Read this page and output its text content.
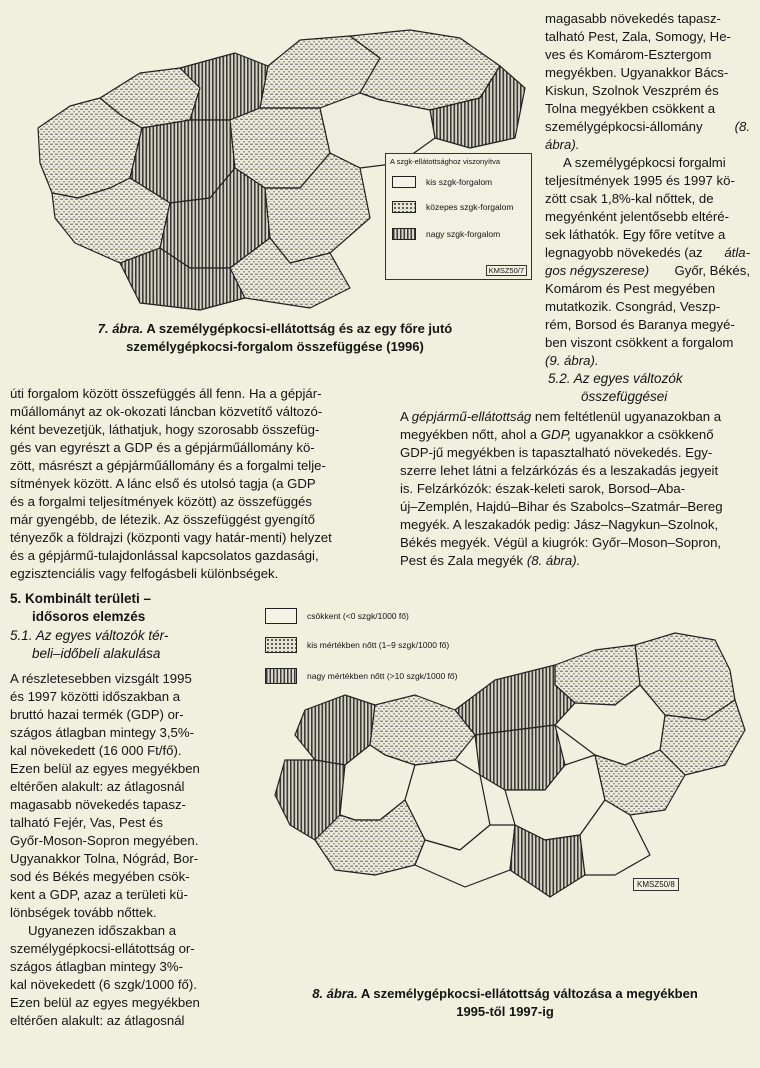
A szgk-ellátottsághoz viszonyítva
kis szgk-forgalom
közepes szgk-forgalom
nagy szgk-forgalom
KMSZ50/7
7. ábra. A személygépkocsi-ellátottság és az egy főre jutó
személygépkocsi-forgalom összefüggése (1996)

magasabb növekedés tapasz-

talható Pest, Zala, Somogy, He-

ves és Komárom-Esztergom

megyékben. Ugyanakkor Bács-

Kiskun, Szolnok Veszprém és

Tolna megyékben csökkent a

személygépkocsi-állomány (8.

ábra).

A személygépkocsi forgalmi

teljesítmények 1995 és 1997 kö-

zött csak 1,8%-kal nőttek, de

megyénként jelentősebb eltéré-

sek láthatók. Egy főre vetítve a

legnagyobb növekedés (az átla-

gos négyszerese) Győr, Békés,

Komárom és Pest megyében

mutatkozik. Csongrád, Veszp-

rém, Borsod és Baranya megyé-

ben viszont csökkent a forgalom

(9. ábra).

5.2. Az egyes változók
összefüggései

úti forgalom között összefüggés áll fenn. Ha a gépjár-

műállományt az ok-okozati láncban közvetítő változó-

ként bevezetjük, láthatjuk, hogy szorosabb összefüg-

gés van egyrészt a GDP és a gépjárműállomány kö-

zött, másrészt a gépjárműállomány és a forgalmi telje-

sítmények között. A lánc első és utolsó tagja (a GDP

és a forgalmi teljesítmények között) az összefüggés

már gyengébb, de létezik. Az összefüggést gyengítő

tényezők a földrajzi (központi vagy határ-menti) helyzet

és a gépjármű-tulajdonlással kapcsolatos gazdasági,

egzisztenciális vagy felfogásbeli különbségek.

A gépjármű-ellátottság nem feltétlenül ugyanazokban a

megyékben nőtt, ahol a GDP, ugyanakkor a csökkenő

GDP-jű megyékben is tapasztalható növekedés. Egy-

szerre lehet látni a felzárkózás és a leszakadás jegyeit

is. Felzárkózók: észak-keleti sarok, Borsod–Aba-

új–Zemplén, Hajdú–Bihar és Szabolcs–Szatmár–Bereg

megyék. A leszakadók pedig: Jász–Nagykun–Szolnok,

Békés megyék. Végül a kiugrók: Győr–Moson–Sopron,

Pest és Zala megyék (8. ábra).

5. Kombinált területi –
idősoros elemzés
5.1. Az egyes változók tér-
beli–időbeli alakulása

A részletesebben vizsgált 1995

és 1997 közötti időszakban a

bruttó hazai termék (GDP) or-

szágos átlagban mintegy 3,5%-

kal növekedett (16 000 Ft/fő).

Ezen belül az egyes megyékben

eltérően alakult: az átlagosnál

magasabb növekedés tapasz-

talható Fejér, Vas, Pest és

Győr-Moson-Sopron megyében.

Ugyanakkor Tolna, Nógrád, Bor-

sod és Békés megyében csök-

kent a GDP, azaz a területi kü-

lönbségek tovább nőttek.

Ugyanezen időszakban a

személygépkocsi-ellátottság or-

szágos átlagban mintegy 3%-

kal növekedett (6 szgk/1000 fő).

Ezen belül az egyes megyékben

eltérően alakult: az átlagosnál

csökkent (<0 szgk/1000 fő)
kis mértékben nőtt (1–9 szgk/1000 fő)
nagy mértékben nőtt (>10 szgk/1000 fő)
KMSZ50/8
8. ábra. A személygépkocsi-ellátottság változása a megyékben
1995-től 1997-ig
